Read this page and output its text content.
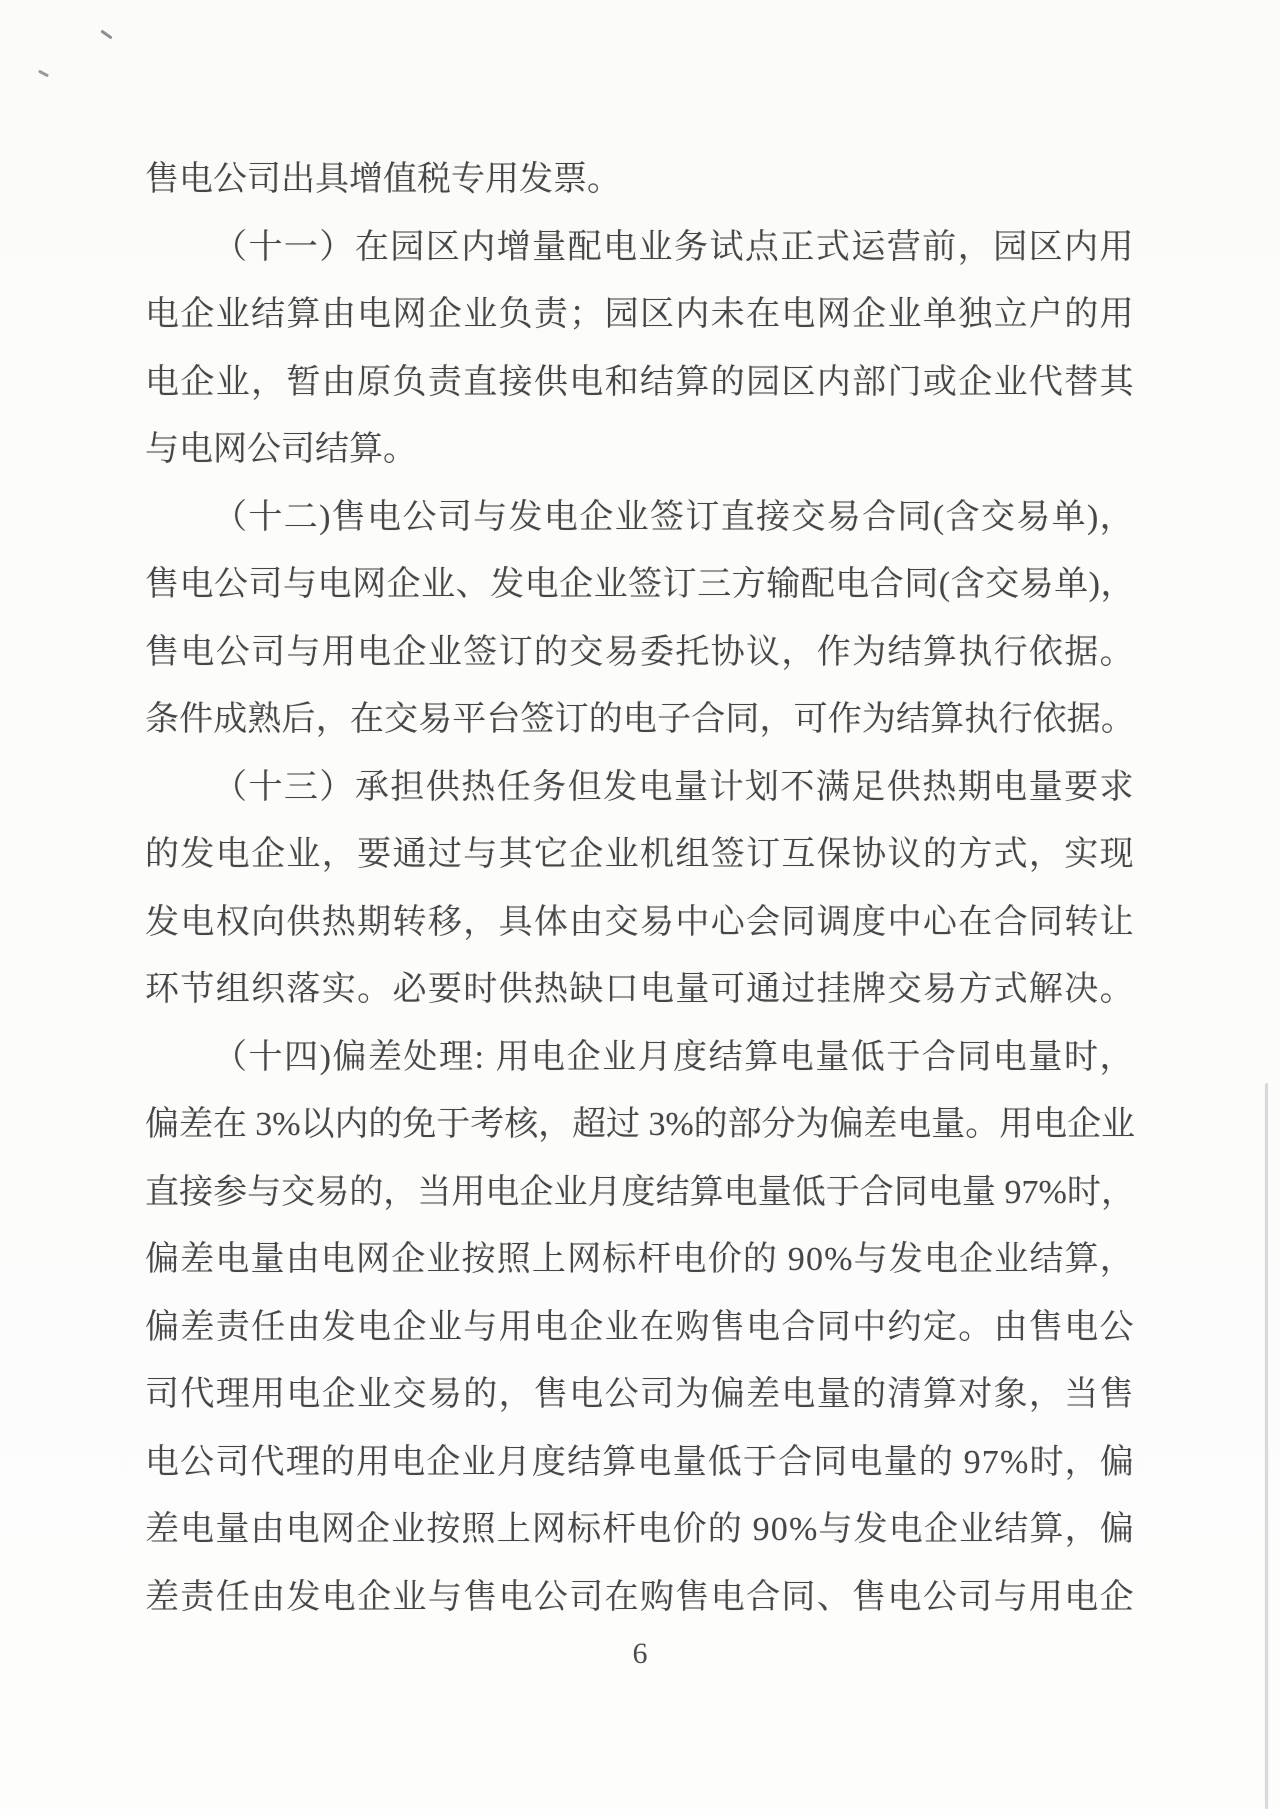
售电公司出具增值税专用发票。
（十一）在园区内增量配电业务试点正式运营前，园区内用
电企业结算由电网企业负责；园区内未在电网企业单独立户的用
电企业，暂由原负责直接供电和结算的园区内部门或企业代替其
与电网公司结算。
（十二)售电公司与发电企业签订直接交易合同(含交易单)，
售电公司与电网企业、发电企业签订三方输配电合同(含交易单)，
售电公司与用电企业签订的交易委托协议，作为结算执行依据。
条件成熟后，在交易平台签订的电子合同，可作为结算执行依据。
（十三）承担供热任务但发电量计划不满足供热期电量要求
的发电企业，要通过与其它企业机组签订互保协议的方式，实现
发电权向供热期转移，具体由交易中心会同调度中心在合同转让
环节组织落实。必要时供热缺口电量可通过挂牌交易方式解决。
（十四)偏差处理: 用电企业月度结算电量低于合同电量时，
偏差在 3%以内的免于考核，超过 3%的部分为偏差电量。用电企业
直接参与交易的，当用电企业月度结算电量低于合同电量 97%时，
偏差电量由电网企业按照上网标杆电价的 90%与发电企业结算，
偏差责任由发电企业与用电企业在购售电合同中约定。由售电公
司代理用电企业交易的，售电公司为偏差电量的清算对象，当售
电公司代理的用电企业月度结算电量低于合同电量的 97%时，偏
差电量由电网企业按照上网标杆电价的 90%与发电企业结算，偏
差责任由发电企业与售电公司在购售电合同、售电公司与用电企
6
